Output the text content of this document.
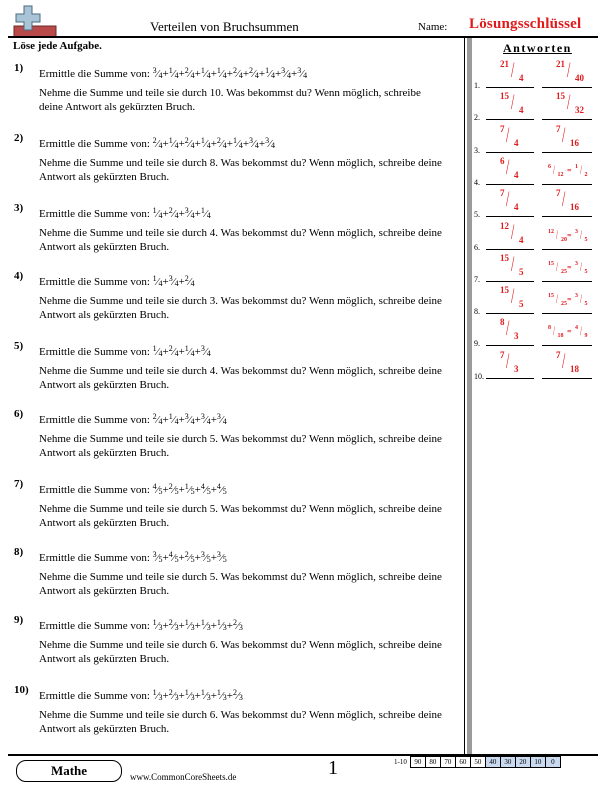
Verteilen von Bruchsummen	Name: Lösungsschlüssel
Löse jede Aufgabe.
1) Ermittle die Summe von: $^3⁄_4+^1⁄_4+^2⁄_4+^1⁄_4+^1⁄_4+^2⁄_4+^2⁄_4+^1⁄_4+^3⁄_4+^3⁄_4$
Nehme die Summe und teile sie durch 10. Was bekommst du? Wenn möglich, schreibe deine Antwort als gekürzten Bruch.
2) Ermittle die Summe von: $^2⁄_4+^1⁄_4+^2⁄_4+^1⁄_4+^2⁄_4+^1⁄_4+^3⁄_4+^3⁄_4$
Nehme die Summe und teile sie durch 8. Was bekommst du? Wenn möglich, schreibe deine Antwort als gekürzten Bruch.
3) Ermittle die Summe von: $^1⁄_4+^2⁄_4+^3⁄_4+^1⁄_4$
Nehme die Summe und teile sie durch 4. Was bekommst du? Wenn möglich, schreibe deine Antwort als gekürzten Bruch.
4) Ermittle die Summe von: $^1⁄_4+^3⁄_4+^2⁄_4$
Nehme die Summe und teile sie durch 3. Was bekommst du? Wenn möglich, schreibe deine Antwort als gekürzten Bruch.
5) Ermittle die Summe von: $^1⁄_4+^2⁄_4+^1⁄_4+^3⁄_4$
Nehme die Summe und teile sie durch 4. Was bekommst du? Wenn möglich, schreibe deine Antwort als gekürzten Bruch.
6) Ermittle die Summe von: $^2⁄_4+^1⁄_4+^3⁄_4+^3⁄_4+^3⁄_4$
Nehme die Summe und teile sie durch 5. Was bekommst du? Wenn möglich, schreibe deine Antwort als gekürzten Bruch.
7) Ermittle die Summe von: $^4⁄_5+^2⁄_5+^1⁄_5+^4⁄_5+^4⁄_5$
Nehme die Summe und teile sie durch 5. Was bekommst du? Wenn möglich, schreibe deine Antwort als gekürzten Bruch.
8) Ermittle die Summe von: $^3⁄_5+^4⁄_5+^2⁄_5+^3⁄_5+^3⁄_5$
Nehme die Summe und teile sie durch 5. Was bekommst du? Wenn möglich, schreibe deine Antwort als gekürzten Bruch.
9) Ermittle die Summe von: $^1⁄_3+^2⁄_3+^1⁄_3+^1⁄_3+^1⁄_3+^2⁄_3$
Nehme die Summe und teile sie durch 6. Was bekommst du? Wenn möglich, schreibe deine Antwort als gekürzten Bruch.
10) Ermittle die Summe von: $^1⁄_3+^2⁄_3+^1⁄_3+^1⁄_3+^1⁄_3+^2⁄_3$
Nehme die Summe und teile sie durch 6. Was bekommst du? Wenn möglich, schreibe deine Antwort als gekürzten Bruch.
Antworten
1.
21 / 4
21 / 40
2.
15 / 4
15 / 32
3.
7 / 4
7 / 16
4.
6 / 4
6 / 12 = 1 / 2
5.
7 / 4
7 / 16
6.
12 / 4
12 / 20 = 3 / 5
7.
15 / 5
15 / 25 = 3 / 5
8.
15 / 5
15 / 25 = 3 / 5
9.
8 / 3
8 / 18 = 4 / 9
10.
7 / 3
7 / 18
Mathe	www.CommonCoreSheets.de	1	1-10	90	80	70	60	50	40	30	20	10	0
